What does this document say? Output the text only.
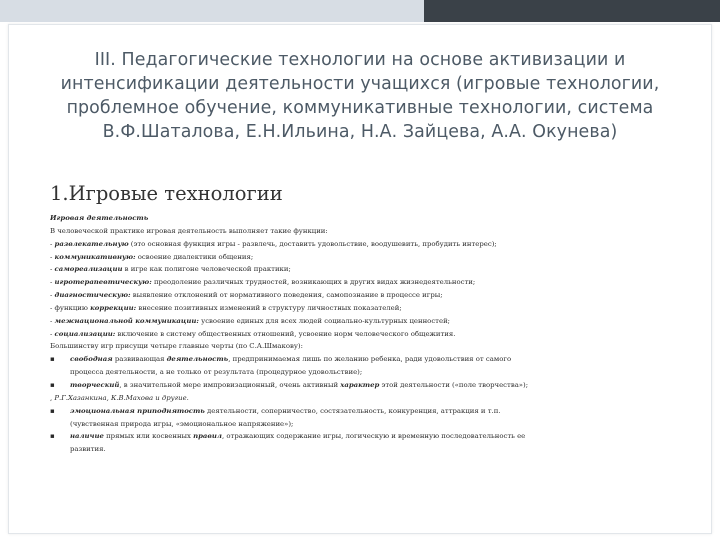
III. Педагогические технологии на основе активизации и
интенсификации деятельности учащихся (игровые технологии,
проблемное обучение, коммуникативные технологии, система
В.Ф.Шаталова, Е.Н.Ильина, Н.А. Зайцева, А.А. Окунева)
1.Игровые технологии
Игровая деятельность
В человеческой практике игровая деятельность выполняет такие функции:
- развлекательную (это основная функция игры - развлечь, доставить удовольствие, воодушевить, пробудить интерес);
- коммуникативную: освоение диалектики общения;
- самореализации в игре как полигоне человеческой практики;
- игротерапевтическую: преодоление различных трудностей, возникающих в других видах жизнедеятельности;
- диагностическую: выявление отклонений от нормативного поведения, самопознание в процессе игры;
- функцию коррекции: внесение позитивных изменений в структуру личностных показателей;
- межнациональной коммуникации: усвоение единых для всех людей социально-культурных ценностей;
- социализации: включение в систему общественных отношений, усвоение норм человеческого общежития.
Большинству игр присущи четыре главные черты (по С.А.Шмакову):
▪ свободная развивающая деятельность, предпринимаемая лишь по желанию ребенка, ради удовольствия от самого
процесса деятельности, а не только от результата (процедурное удовольствие);
▪ творческий, в значительной мере импровизационный, очень активный характер этой деятельности («поле творчества»);
, Р.Г.Хазанкина, К.В.Махова и другие.
▪ эмоциональная приподнятость деятельности, соперничество, состязательность, конкуренция, аттракция и т.п.
(чувственная природа игры, «эмоциональное напряжение»);
▪ наличие прямых или косвенных правил, отражающих содержание игры, логическую и временную последовательность ее
развития.
